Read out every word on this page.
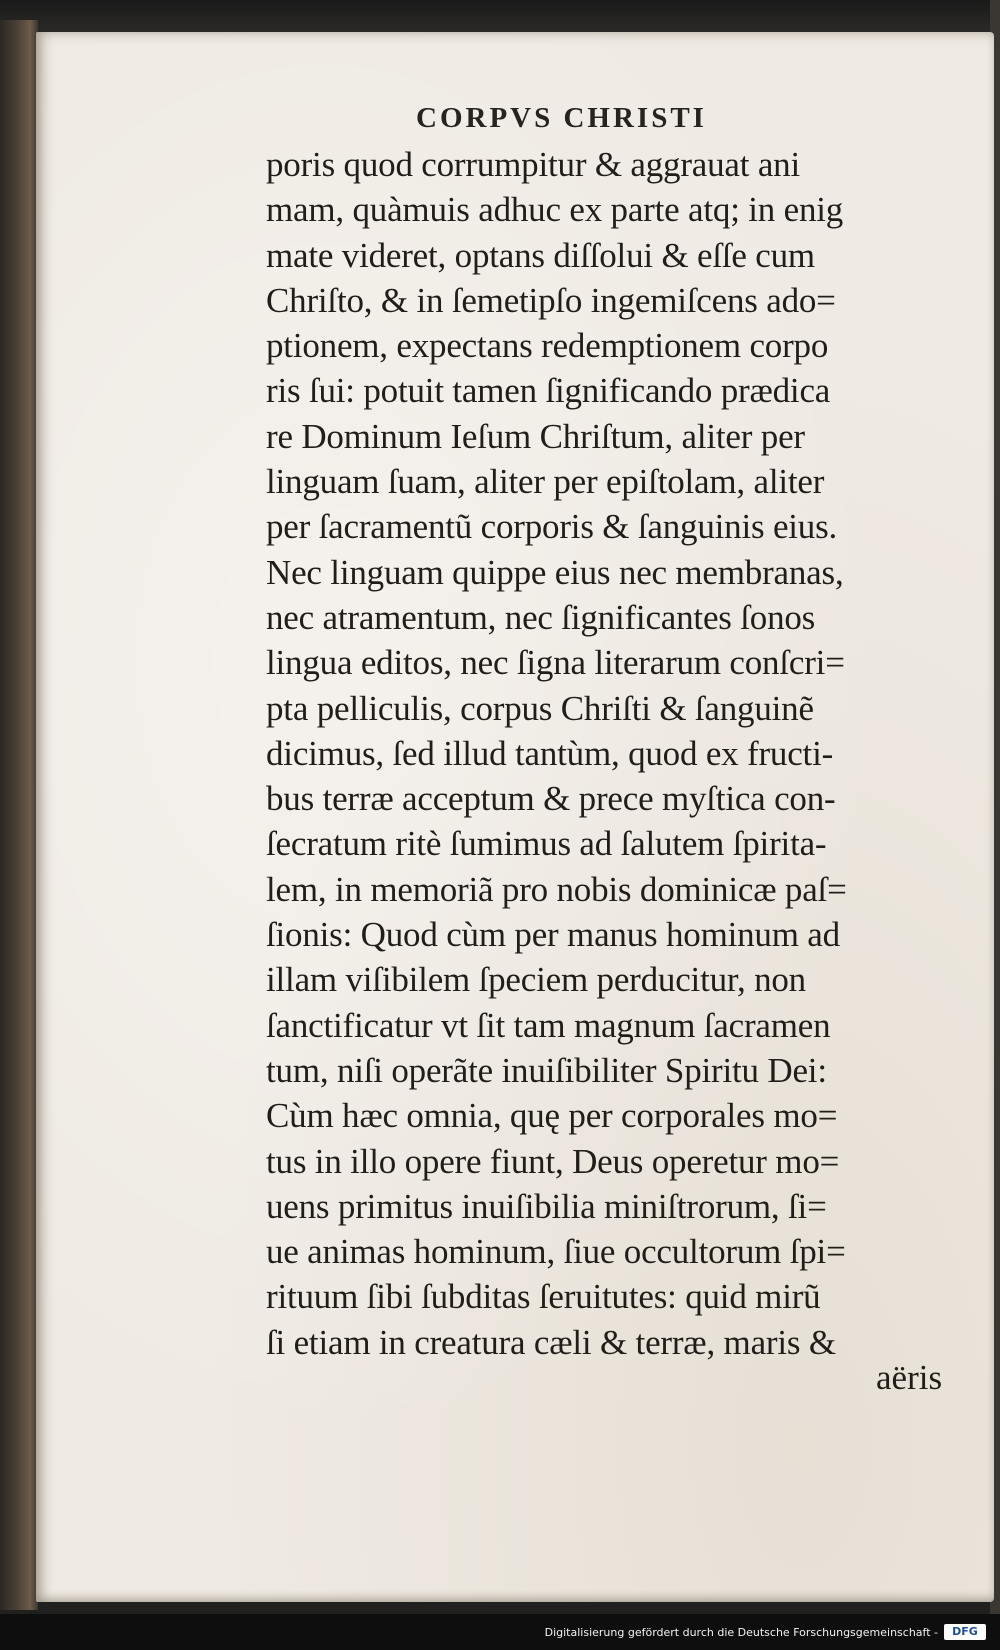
CORPVS CHRISTI
poris quod corrumpitur & aggrauat ani
mam, quàmuis adhuc ex parte atq; in enig
mate videret, optans diſſolui & eſſe cum
Chriſto, & in ſemetipſo ingemiſcens ado=
ptionem, expectans redemptionem corpo
ris ſui: potuit tamen ſignificando prædica
re Dominum Ieſum Chriſtum, aliter per
linguam ſuam, aliter per epiſtolam, aliter
per ſacramentũ corporis & ſanguinis eius.
Nec linguam quippe eius nec membranas,
nec atramentum, nec ſignificantes ſonos
lingua editos, nec ſigna literarum conſcri=
pta pelliculis, corpus Chriſti & ſanguinẽ
dicimus, ſed illud tantùm, quod ex fructi-
bus terræ acceptum & prece myſtica con-
ſecratum ritè ſumimus ad ſalutem ſpirita-
lem, in memoriã pro nobis dominicæ paſ=
ſionis: Quod cùm per manus hominum ad
illam viſibilem ſpeciem perducitur, non
ſanctificatur vt ſit tam magnum ſacramen
tum, niſi operãte inuiſibiliter Spiritu Dei:
Cùm hæc omnia, quę per corporales mo=
tus in illo opere fiunt, Deus operetur mo=
uens primitus inuiſibilia miniſtrorum, ſi=
ue animas hominum, ſiue occultorum ſpi=
rituum ſibi ſubditas ſeruitutes: quid mirũ
ſi etiam in creatura cæli & terræ, maris &
aëris
Digitalisierung gefördert durch die Deutsche Forschungsgemeinschaft -	DFG
